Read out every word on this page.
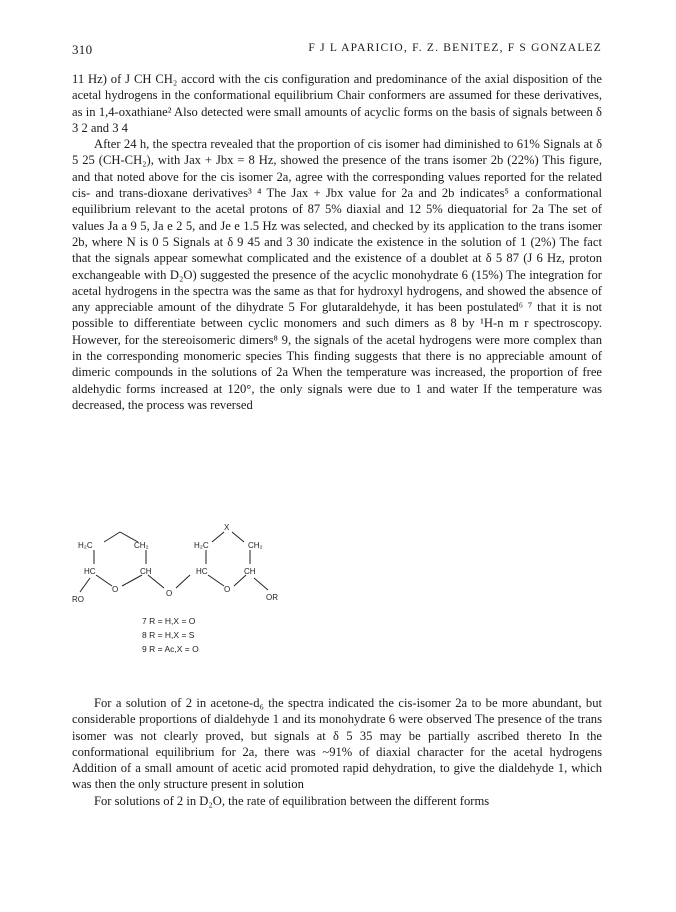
310	F J L APARICIO, F. Z. BENITEZ, F S GONZALEZ

11 Hz) of J CH CH₂ accord with the cis configuration and predominance of the axial disposition of the acetal hydrogens in the conformational equilibrium Chair conformers are assumed for these derivatives, as in 1,4-oxathiane² Also detected were small amounts of acyclic forms on the basis of signals between δ 3 2 and 3 4

After 24 h, the spectra revealed that the proportion of cis isomer had diminished to 61% Signals at δ 5 25 (CH-CH₂), with Jax + Jbx = 8 Hz, showed the presence of the trans isomer 2b (22%) This figure, and that noted above for the cis isomer 2a, agree with the corresponding values reported for the related cis- and trans-dioxane derivatives³ ⁴ The Jax + Jbx value for 2a and 2b indicates⁵ a conformational equilibrium relevant to the acetal protons of 87 5% diaxial and 12 5% diequatorial for 2a The set of values Ja a 9 5, Ja e 2 5, and Je e 1.5 Hz was selected, and checked by its application to the trans isomer 2b, where N is 0 5 Signals at δ 9 45 and 3 30 indicate the existence in the solution of 1 (2%) The fact that the signals appear somewhat complicated and the existence of a doublet at δ 5 87 (J 6 Hz, proton exchangeable with D₂O) suggested the presence of the acyclic monohydrate 6 (15%) The integration for acetal hydrogens in the spectra was the same as that for hydroxyl hydrogens, and showed the absence of any appreciable amount of the dihydrate 5 For glutaraldehyde, it has been postulated⁶ ⁷ that it is not possible to differentiate between cyclic monomers and such dimers as 8 by ¹H-n m r spectroscopy. However, for the stereoisomeric dimers⁸ 9, the signals of the acetal hydrogens were more complex than in the corresponding monomeric species This finding suggests that there is no appreciable amount of dimeric compounds in the solutions of 2a When the temperature was increased, the proportion of free aldehydic forms increased at 120°, the only signals were due to 1 and water If the temperature was decreased, the process was reversed

H₂C	CH₂	H₂C	CH₂
X
HC	CH	HC	CH
O	O	O
RO	OR
7 R = H,X = O
8 R = H,X = S
9 R = Ac,X = O

For a solution of 2 in acetone-d₆ the spectra indicated the cis-isomer 2a to be more abundant, but considerable proportions of dialdehyde 1 and its monohydrate 6 were observed The presence of the trans isomer was not clearly proved, but signals at δ 5 35 may be partially ascribed thereto In the conformational equilibrium for 2a, there was ~91% of diaxial character for the acetal hydrogens Addition of a small amount of acetic acid promoted rapid dehydration, to give the dialdehyde 1, which was then the only structure present in solution

For solutions of 2 in D₂O, the rate of equilibration between the different forms
